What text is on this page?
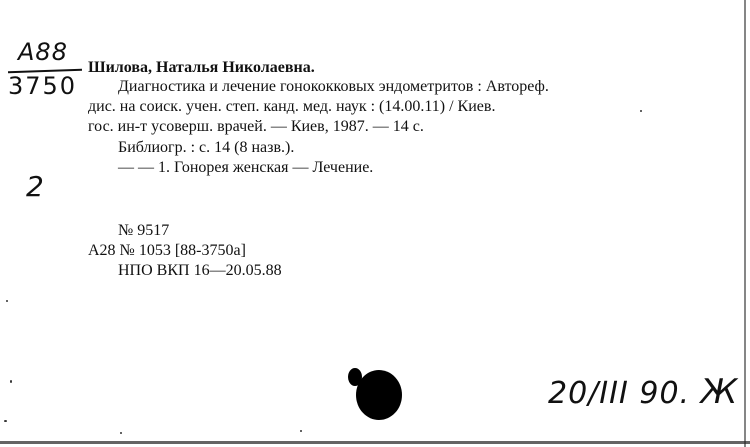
A88
3750
2
Шилова, Наталья Николаевна.
Диагностика и лечение гонококковых эндометритов : Автореф.
дис. на соиск. учен. степ. канд. мед. наук : (14.00.11) / Киев.
гос. ин-т усоверш. врачей. — Киев, 1987. — 14 с.
Библиогр. : с. 14 (8 назв.).
— — 1. Гонорея женская — Лечение.
№ 9517
А28 № 1053 [88-3750а]
НПО ВКП 16—20.05.88
20/III 90. Ж
